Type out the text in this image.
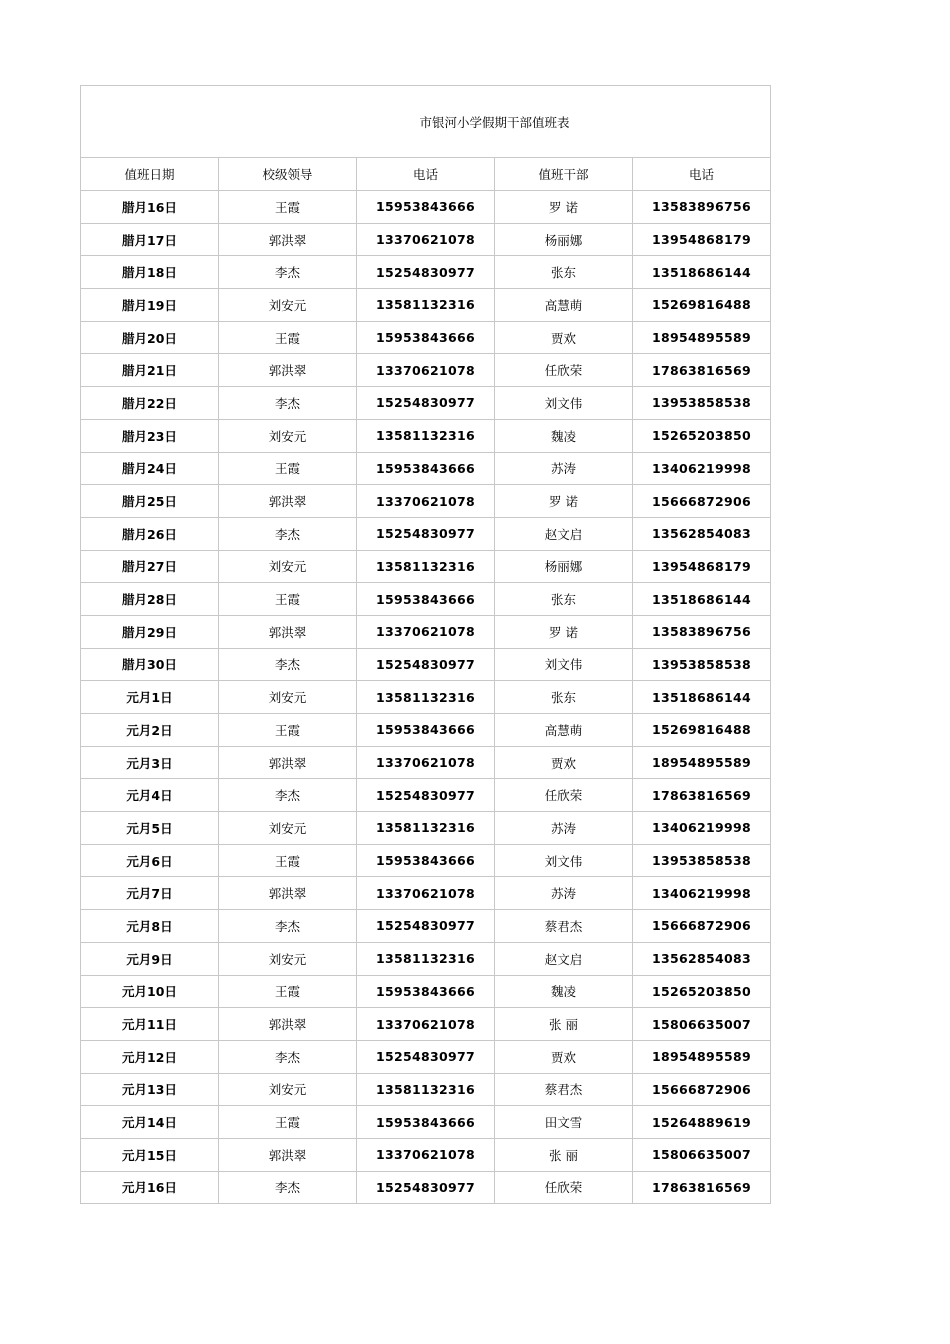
市银河小学假期干部值班表				
值班日期	校级领导	电话	值班干部	电话
腊月16日	王霞	15953843666	罗 诺	13583896756
腊月17日	郭洪翠	13370621078	杨丽娜	13954868179
腊月18日	李杰	15254830977	张东	13518686144
腊月19日	刘安元	13581132316	高慧萌	15269816488
腊月20日	王霞	15953843666	贾欢	18954895589
腊月21日	郭洪翠	13370621078	任欣荣	17863816569
腊月22日	李杰	15254830977	刘文伟	13953858538
腊月23日	刘安元	13581132316	魏凌	15265203850
腊月24日	王霞	15953843666	苏涛	13406219998
腊月25日	郭洪翠	13370621078	罗 诺	15666872906
腊月26日	李杰	15254830977	赵文启	13562854083
腊月27日	刘安元	13581132316	杨丽娜	13954868179
腊月28日	王霞	15953843666	张东	13518686144
腊月29日	郭洪翠	13370621078	罗 诺	13583896756
腊月30日	李杰	15254830977	刘文伟	13953858538
元月1日	刘安元	13581132316	张东	13518686144
元月2日	王霞	15953843666	高慧萌	15269816488
元月3日	郭洪翠	13370621078	贾欢	18954895589
元月4日	李杰	15254830977	任欣荣	17863816569
元月5日	刘安元	13581132316	苏涛	13406219998
元月6日	王霞	15953843666	刘文伟	13953858538
元月7日	郭洪翠	13370621078	苏涛	13406219998
元月8日	李杰	15254830977	蔡君杰	15666872906
元月9日	刘安元	13581132316	赵文启	13562854083
元月10日	王霞	15953843666	魏凌	15265203850
元月11日	郭洪翠	13370621078	张 丽	15806635007
元月12日	李杰	15254830977	贾欢	18954895589
元月13日	刘安元	13581132316	蔡君杰	15666872906
元月14日	王霞	15953843666	田文雪	15264889619
元月15日	郭洪翠	13370621078	张 丽	15806635007
元月16日	李杰	15254830977	任欣荣	17863816569
